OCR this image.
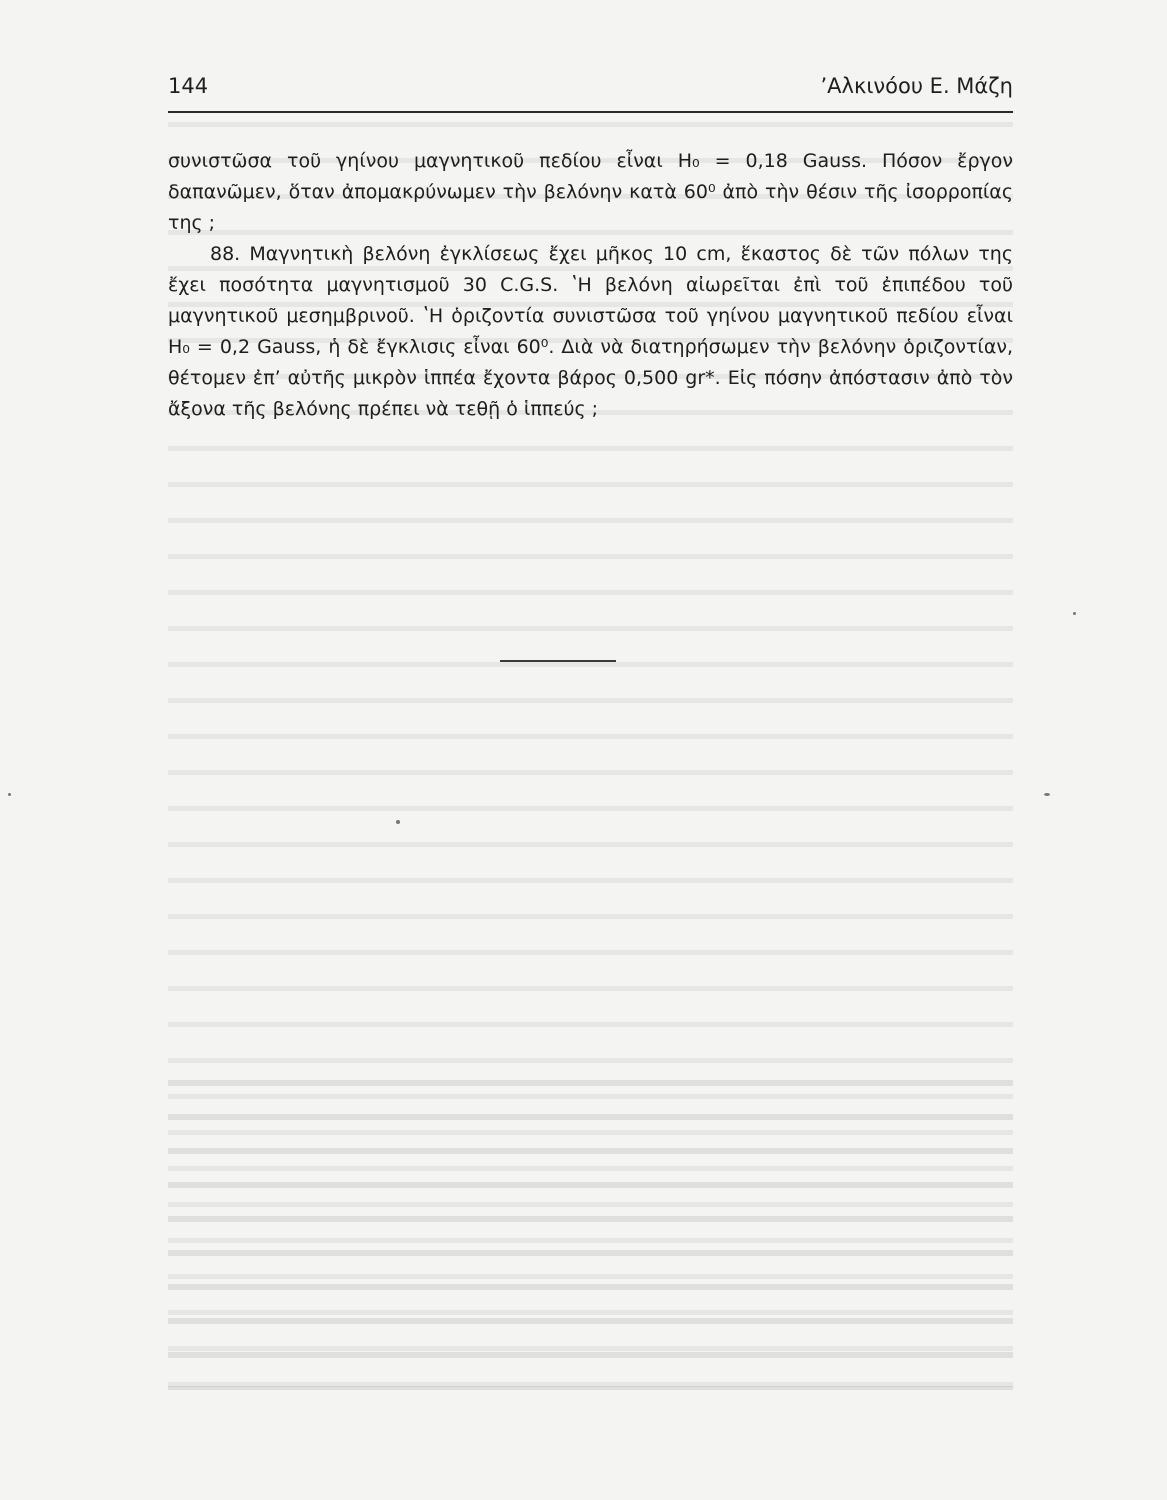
144	’Αλκινόου Ε. Μάζη

συνιστῶσα τοῦ γηίνου μαγνητικοῦ πεδίου εἶναι H₀ = 0,18 Gauss. Πόσον ἔργον δαπανῶμεν, ὅταν ἀπομακρύνωμεν τὴν βελόνην κατὰ 60⁰ ἀπὸ τὴν θέσιν τῆς ἰσορροπίας της ;

88. Μαγνητικὴ βελόνη ἐγκλίσεως ἔχει μῆκος 10 cm, ἕκαστος δὲ τῶν πόλων της ἔχει ποσότητα μαγνητισμοῦ 30 C.G.S. ʽΗ βελόνη αἰωρεῖται ἐπὶ τοῦ ἐπιπέδου τοῦ μαγνητικοῦ μεσημβρινοῦ. ʽΗ ὁριζοντία συνιστῶσα τοῦ γηίνου μαγνητικοῦ πεδίου εἶναι H₀ = 0,2 Gauss, ἡ δὲ ἔγκλισις εἶναι 60⁰. Διὰ νὰ διατηρήσωμεν τὴν βελόνην ὁριζοντίαν, θέτομεν ἐπ’ αὐτῆς μικρὸν ἱππέα ἔχοντα βάρος 0,500 gr*. Εἰς πόσην ἀπόστασιν ἀπὸ τὸν ἄξονα τῆς βελόνης πρέπει νὰ τεθῇ ὁ ἱππεύς ;
